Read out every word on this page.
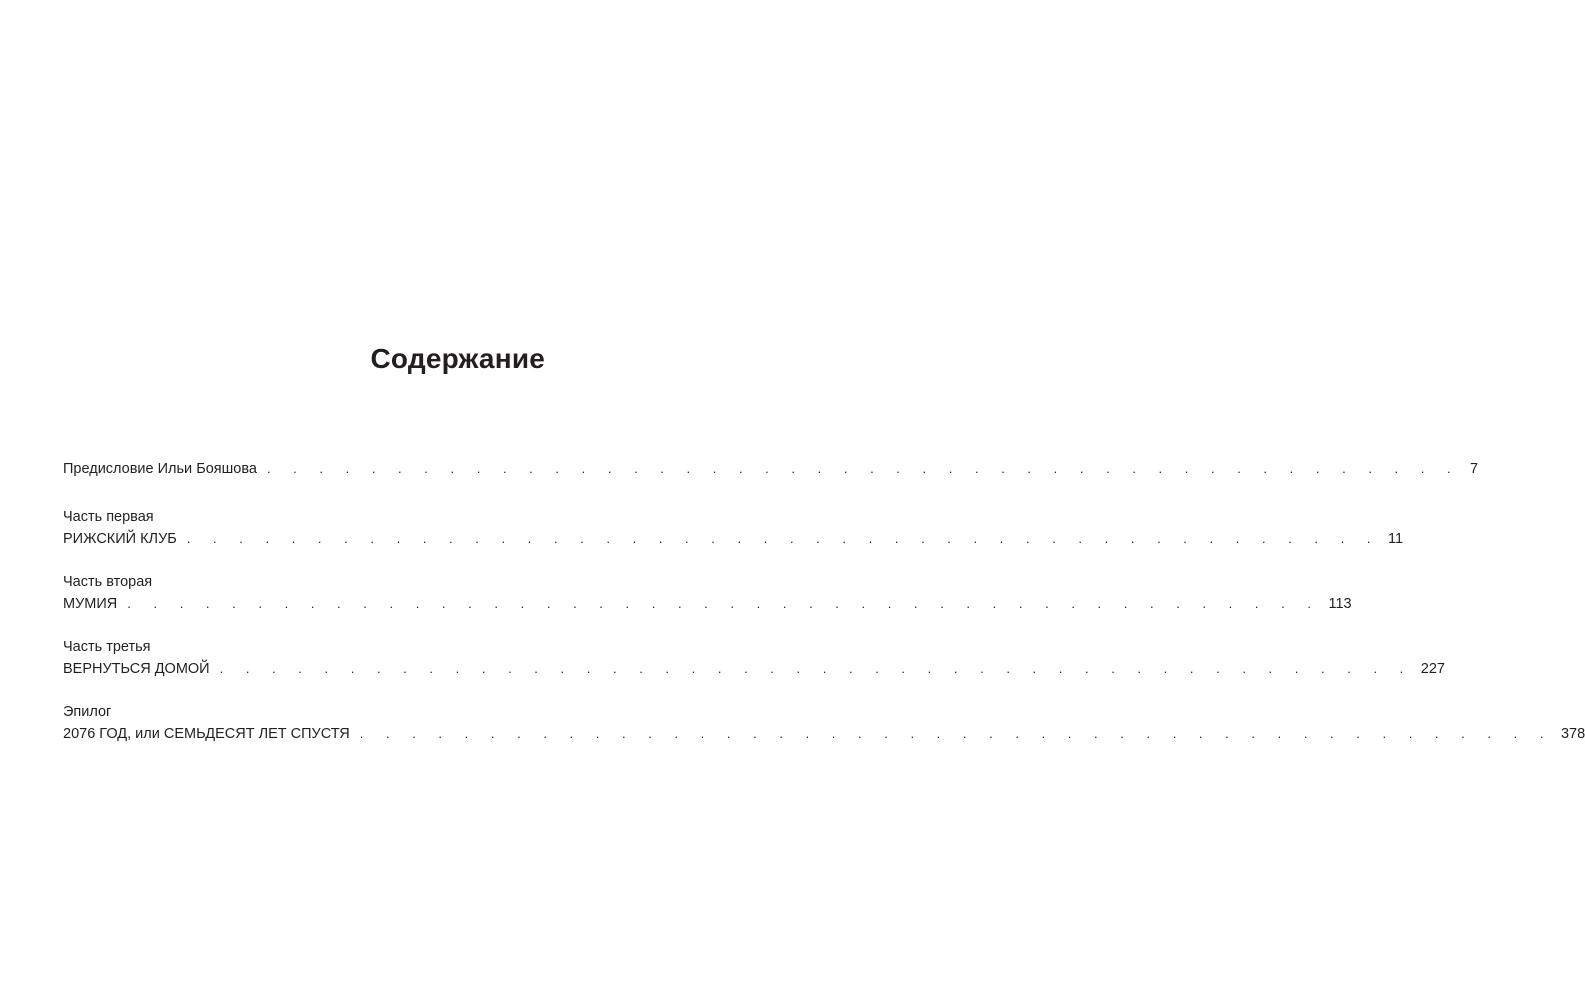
Содержание
Предисловие Ильи Бояшова . . . . . . . . . . . . . . . . . . . . . . . . . . . . . . . . . . . . . . . . . . . . . . 7
Часть первая
РИЖСКИЙ КЛУБ . . . . . . . . . . . . . . . . . . . . . . . . . . . . . . . . . . . . . . . . . . . . . . 11
Часть вторая
МУМИЯ . . . . . . . . . . . . . . . . . . . . . . . . . . . . . . . . . . . . . . . . . . . . . . 113
Часть третья
ВЕРНУТЬСЯ ДОМОЙ . . . . . . . . . . . . . . . . . . . . . . . . . . . . . . . . . . . . . . . . . . . . . . 227
Эпилог
2076 ГОД, или СЕМЬДЕСЯТ ЛЕТ СПУСТЯ . . . . . . . . . . . . . . . . . . . . . . . . . . . . . . . . . . . . . . . . . . . . . . 378
